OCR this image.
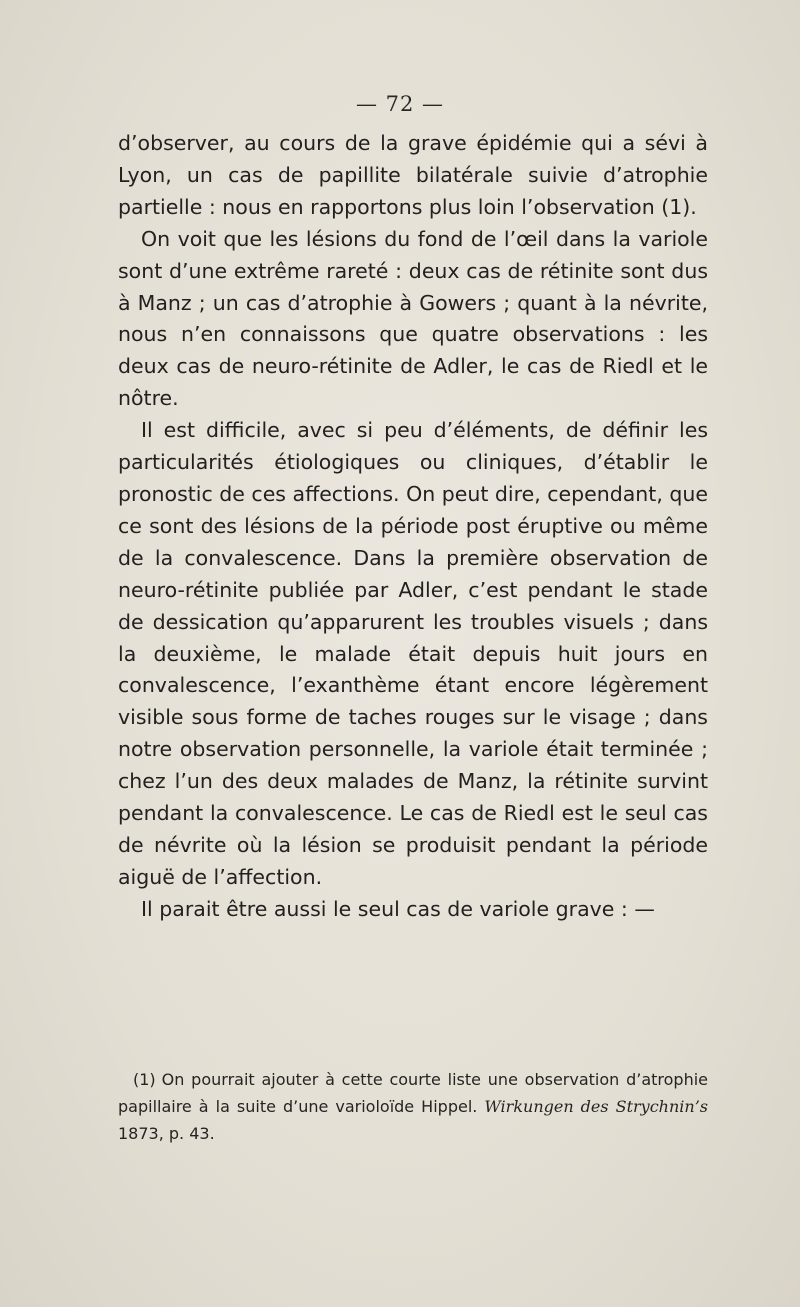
— 72 —

d’observer, au cours de la grave épidémie qui a sévi à Lyon, un cas de papillite bilatérale suivie d’atrophie partielle : nous en rapportons plus loin l’observation (1).

On voit que les lésions du fond de l’œil dans la variole sont d’une extrême rareté : deux cas de rétinite sont dus à Manz ; un cas d’atrophie à Gowers ; quant à la névrite, nous n’en connaissons que quatre observations : les deux cas de neuro-rétinite de Adler, le cas de Riedl et le nôtre.

Il est difficile, avec si peu d’éléments, de définir les particularités étiologiques ou cliniques, d’établir le pronostic de ces affections. On peut dire, cependant, que ce sont des lésions de la période post éruptive ou même de la convalescence. Dans la première observation de neuro-rétinite publiée par Adler, c’est pendant le stade de dessication qu’apparurent les troubles visuels ; dans la deuxième, le malade était depuis huit jours en convalescence, l’exanthème étant encore légèrement visible sous forme de taches rouges sur le visage ; dans notre observation personnelle, la variole était terminée ; chez l’un des deux malades de Manz, la rétinite survint pendant la convalescence. Le cas de Riedl est le seul cas de névrite où la lésion se produisit pendant la période aiguë de l’affection.

Il parait être aussi le seul cas de variole grave : —

(1) On pourrait ajouter à cette courte liste une observation d’atrophie papillaire à la suite d’une varioloïde Hippel. Wirkungen des Strychnin’s 1873, p. 43.
